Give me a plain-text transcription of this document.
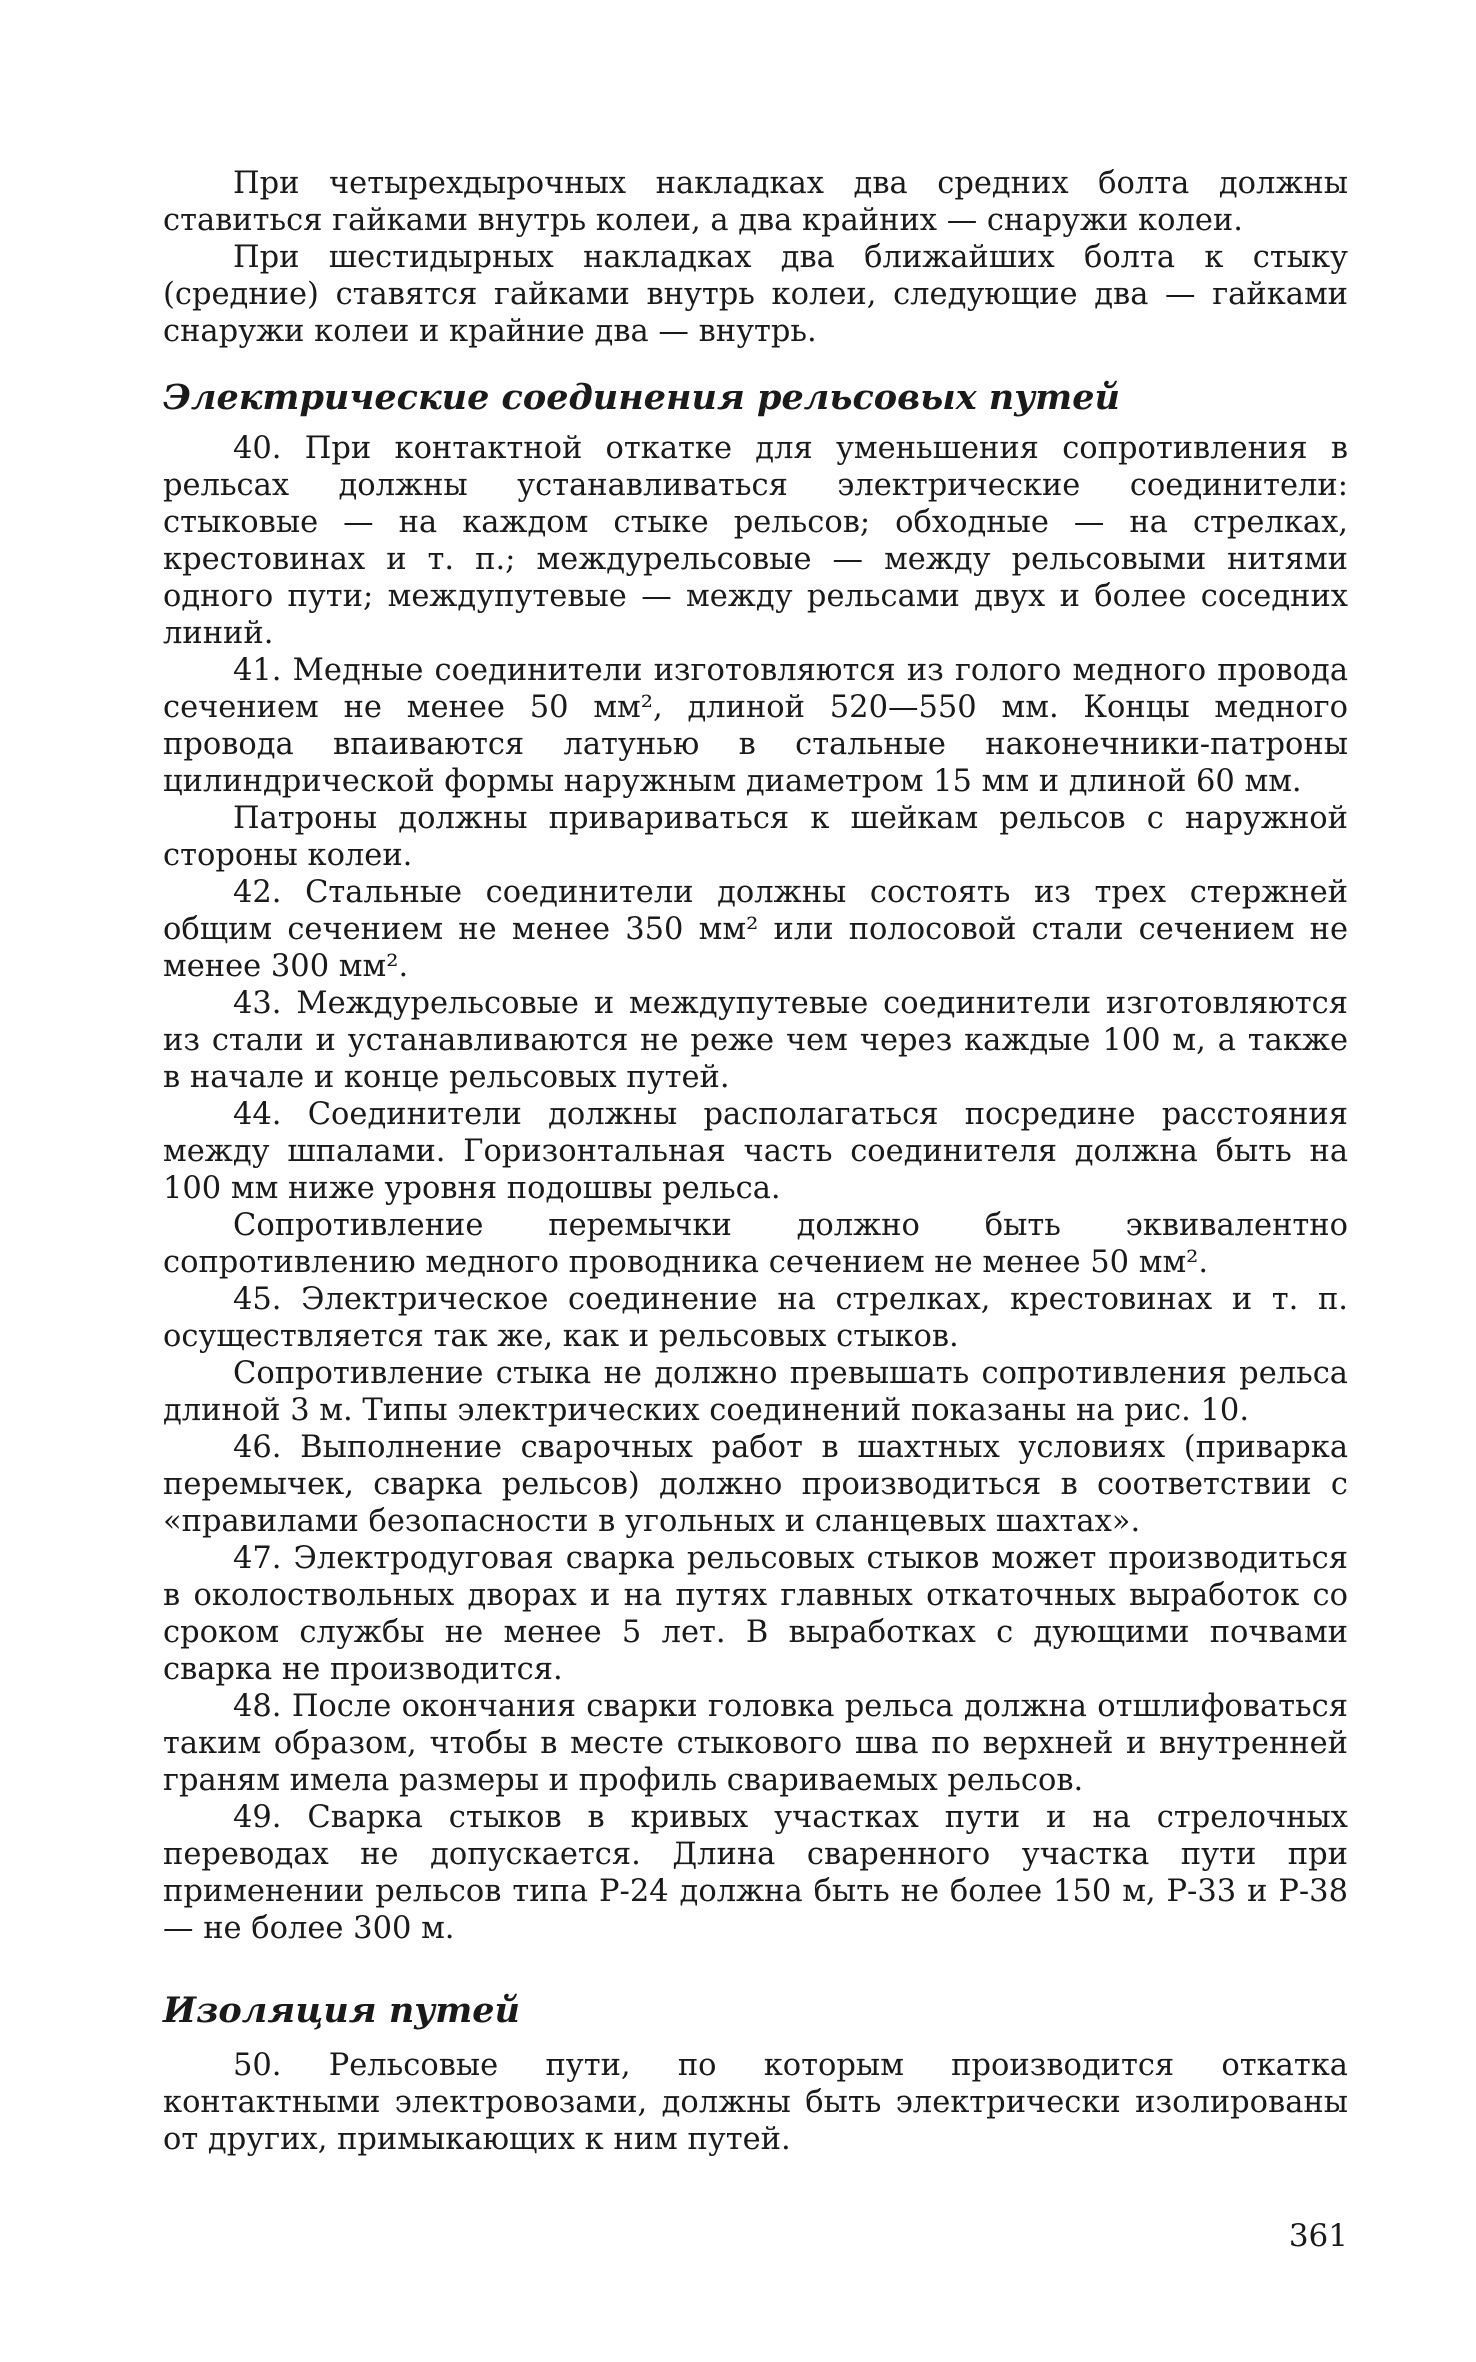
При четырехдырочных накладках два средних болта должны ставиться гайками внутрь колеи, а два крайних — снаружи колеи.

При шестидырных накладках два ближайших болта к стыку (средние) ставятся гайками внутрь колеи, следующие два — гайками снаружи колеи и крайние два — внутрь.

Электрические соединения рельсовых путей

40. При контактной откатке для уменьшения сопротивления в рельсах должны устанавливаться электрические соединители: стыковые — на каждом стыке рельсов; обходные — на стрелках, крестовинах и т. п.; междурельсовые — между рельсовыми нитями одного пути; междупутевые — между рельсами двух и более соседних линий.

41. Медные соединители изготовляются из голого медного провода сечением не менее 50 мм², длиной 520—550 мм. Концы медного провода впаиваются латунью в стальные наконечники-патроны цилиндрической формы наружным диаметром 15 мм и длиной 60 мм.

Патроны должны привариваться к шейкам рельсов с наружной стороны колеи.

42. Стальные соединители должны состоять из трех стержней общим сечением не менее 350 мм² или полосовой стали сечением не менее 300 мм².

43. Междурельсовые и междупутевые соединители изготовляются из стали и устанавливаются не реже чем через каждые 100 м, а также в начале и конце рельсовых путей.

44. Соединители должны располагаться посредине расстояния между шпалами. Горизонтальная часть соединителя должна быть на 100 мм ниже уровня подошвы рельса.

Сопротивление перемычки должно быть эквивалентно сопротивлению медного проводника сечением не менее 50 мм².

45. Электрическое соединение на стрелках, крестовинах и т. п. осуществляется так же, как и рельсовых стыков.

Сопротивление стыка не должно превышать сопротивления рельса длиной 3 м. Типы электрических соединений показаны на рис. 10.

46. Выполнение сварочных работ в шахтных условиях (приварка перемычек, сварка рельсов) должно производиться в соответствии с «правилами безопасности в угольных и сланцевых шахтах».

47. Электродуговая сварка рельсовых стыков может производиться в околоствольных дворах и на путях главных откаточных выработок со сроком службы не менее 5 лет. В выработках с дующими почвами сварка не производится.

48. После окончания сварки головка рельса должна отшлифоваться таким образом, чтобы в месте стыкового шва по верхней и внутренней граням имела размеры и профиль свариваемых рельсов.

49. Сварка стыков в кривых участках пути и на стрелочных переводах не допускается. Длина сваренного участка пути при применении рельсов типа Р-24 должна быть не более 150 м, Р-33 и Р-38 — не более 300 м.

Изоляция путей

50. Рельсовые пути, по которым производится откатка контактными электровозами, должны быть электрически изолированы от других, примыкающих к ним путей.

361
